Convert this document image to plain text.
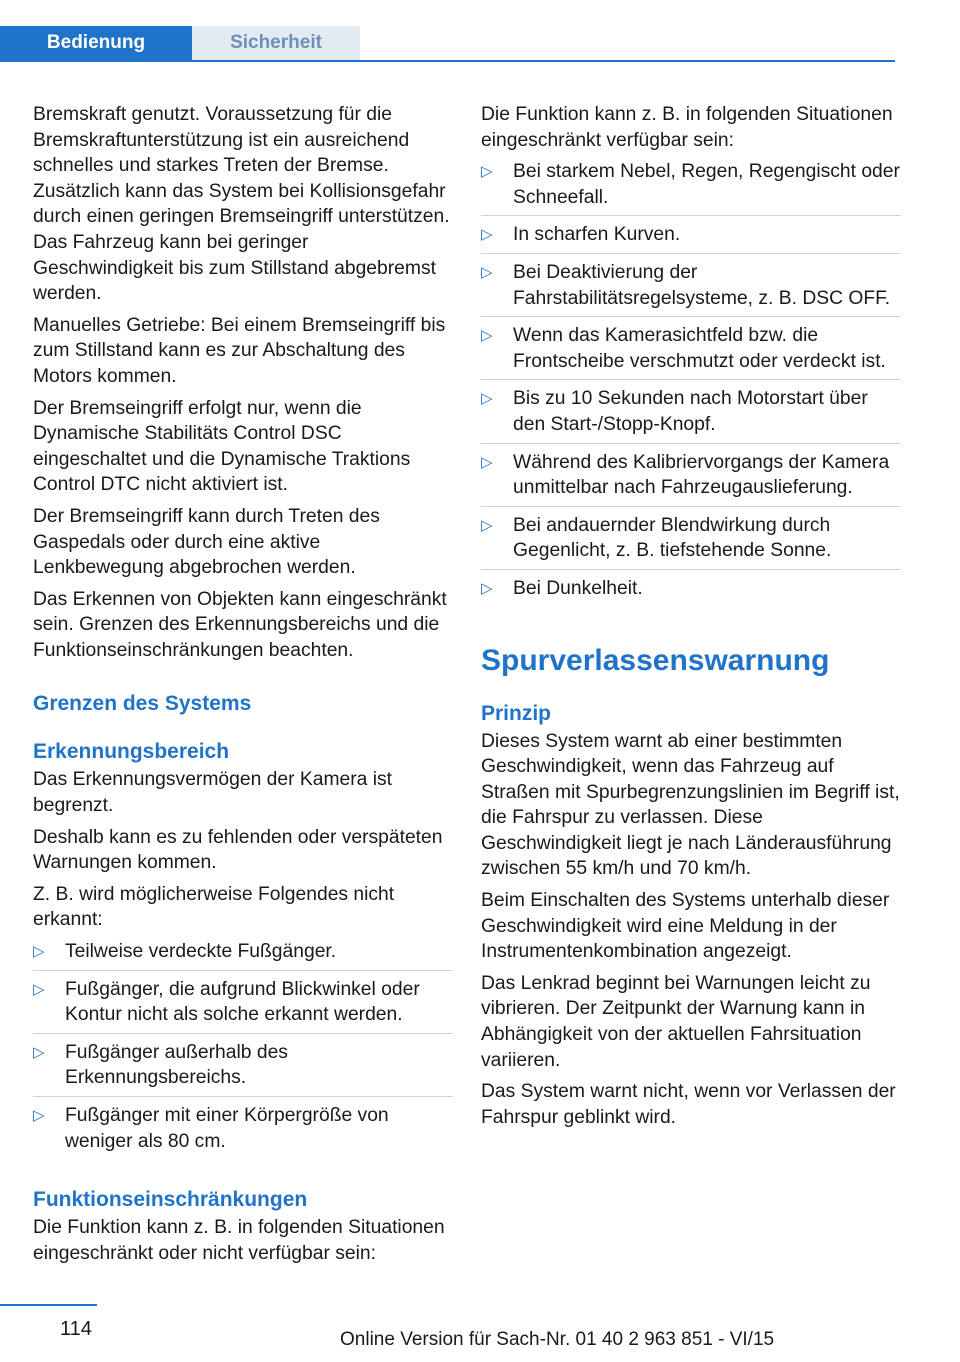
Bedienung	Sicherheit

Bremskraft genutzt. Voraussetzung für die Bremskraftunterstützung ist ein ausreichend schnelles und starkes Treten der Bremse. Zusätzlich kann das System bei Kollisionsgefahr durch einen geringen Bremseingriff unterstützen. Das Fahrzeug kann bei geringer Geschwindigkeit bis zum Stillstand abgebremst werden.

Manuelles Getriebe: Bei einem Bremseingriff bis zum Stillstand kann es zur Abschaltung des Motors kommen.

Der Bremseingriff erfolgt nur, wenn die Dynamische Stabilitäts Control DSC eingeschaltet und die Dynamische Traktions Control DTC nicht aktiviert ist.

Der Bremseingriff kann durch Treten des Gaspedals oder durch eine aktive Lenkbewegung abgebrochen werden.

Das Erkennen von Objekten kann eingeschränkt sein. Grenzen des Erkennungsbereichs und die Funktionseinschränkungen beachten.

Grenzen des Systems
Erkennungsbereich

Das Erkennungsvermögen der Kamera ist begrenzt.

Deshalb kann es zu fehlenden oder verspäteten Warnungen kommen.

Z. B. wird möglicherweise Folgendes nicht erkannt:

▷ Teilweise verdeckte Fußgänger.
▷ Fußgänger, die aufgrund Blickwinkel oder Kontur nicht als solche erkannt werden.
▷ Fußgänger außerhalb des Erkennungsbereichs.
▷ Fußgänger mit einer Körpergröße von weniger als 80 cm.
Funktionseinschränkungen

Die Funktion kann z. B. in folgenden Situationen eingeschränkt oder nicht verfügbar sein:

Die Funktion kann z. B. in folgenden Situationen eingeschränkt verfügbar sein:

▷ Bei starkem Nebel, Regen, Regengischt oder Schneefall.
▷ In scharfen Kurven.
▷ Bei Deaktivierung der Fahrstabilitätsregelsysteme, z. B. DSC OFF.
▷ Wenn das Kamerasichtfeld bzw. die Frontscheibe verschmutzt oder verdeckt ist.
▷ Bis zu 10 Sekunden nach Motorstart über den Start-/Stopp-Knopf.
▷ Während des Kalibriervorgangs der Kamera unmittelbar nach Fahrzeugauslieferung.
▷ Bei andauernder Blendwirkung durch Gegenlicht, z. B. tiefstehende Sonne.
▷ Bei Dunkelheit.
Spurverlassenswarnung
Prinzip

Dieses System warnt ab einer bestimmten Geschwindigkeit, wenn das Fahrzeug auf Straßen mit Spurbegrenzungslinien im Begriff ist, die Fahrspur zu verlassen. Diese Geschwindigkeit liegt je nach Länderausführung zwischen 55 km/h und 70 km/h.

Beim Einschalten des Systems unterhalb dieser Geschwindigkeit wird eine Meldung in der Instrumentenkombination angezeigt.

Das Lenkrad beginnt bei Warnungen leicht zu vibrieren. Der Zeitpunkt der Warnung kann in Abhängigkeit von der aktuellen Fahrsituation variieren.

Das System warnt nicht, wenn vor Verlassen der Fahrspur geblinkt wird.

114	Online Version für Sach-Nr. 01 40 2 963 851 - VI/15
